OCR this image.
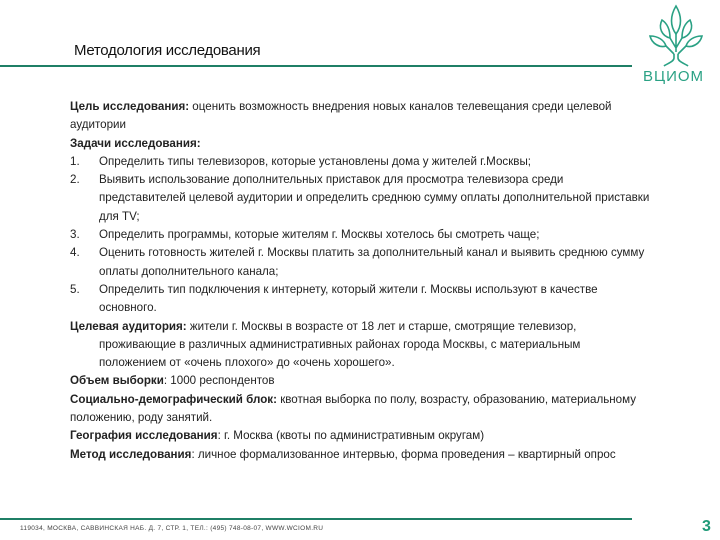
Методология исследования
ВЦИОМ

Цель исследования: оценить возможность внедрения новых каналов телевещания среди целевой аудитории

Задачи исследования:

1. Определить типы телевизоров, которые установлены дома у жителей г.Москвы;
2. Выявить использование дополнительных приставок для просмотра телевизора среди представителей целевой аудитории и определить среднюю сумму оплаты дополнительной приставки для TV;
3. Определить программы, которые жителям г. Москвы хотелось бы смотреть чаще;
4. Оценить готовность жителей г. Москвы платить за дополнительный канал и выявить среднюю сумму оплаты дополнительного канала;
5. Определить тип подключения к интернету, который жители г. Москвы используют в качестве основного.

Целевая аудитория: жители г. Москвы в возрасте от 18 лет и старше, смотрящие телевизор, проживающие в различных административных районах города Москвы, с материальным положением от «очень плохого» до «очень хорошего».

Объем выборки: 1000 респондентов

Социально-демографический блок: квотная выборка по полу, возрасту, образованию, материальному положению, роду занятий.

География исследования: г. Москва (квоты по административным округам)

Метод исследования: личное формализованное интервью, форма проведения – квартирный опрос

119034, МОСКВА, САВВИНСКАЯ НАБ. Д. 7, СТР. 1, ТЕЛ.: (495) 748-08-07, WWW.WCIOM.RU	3
